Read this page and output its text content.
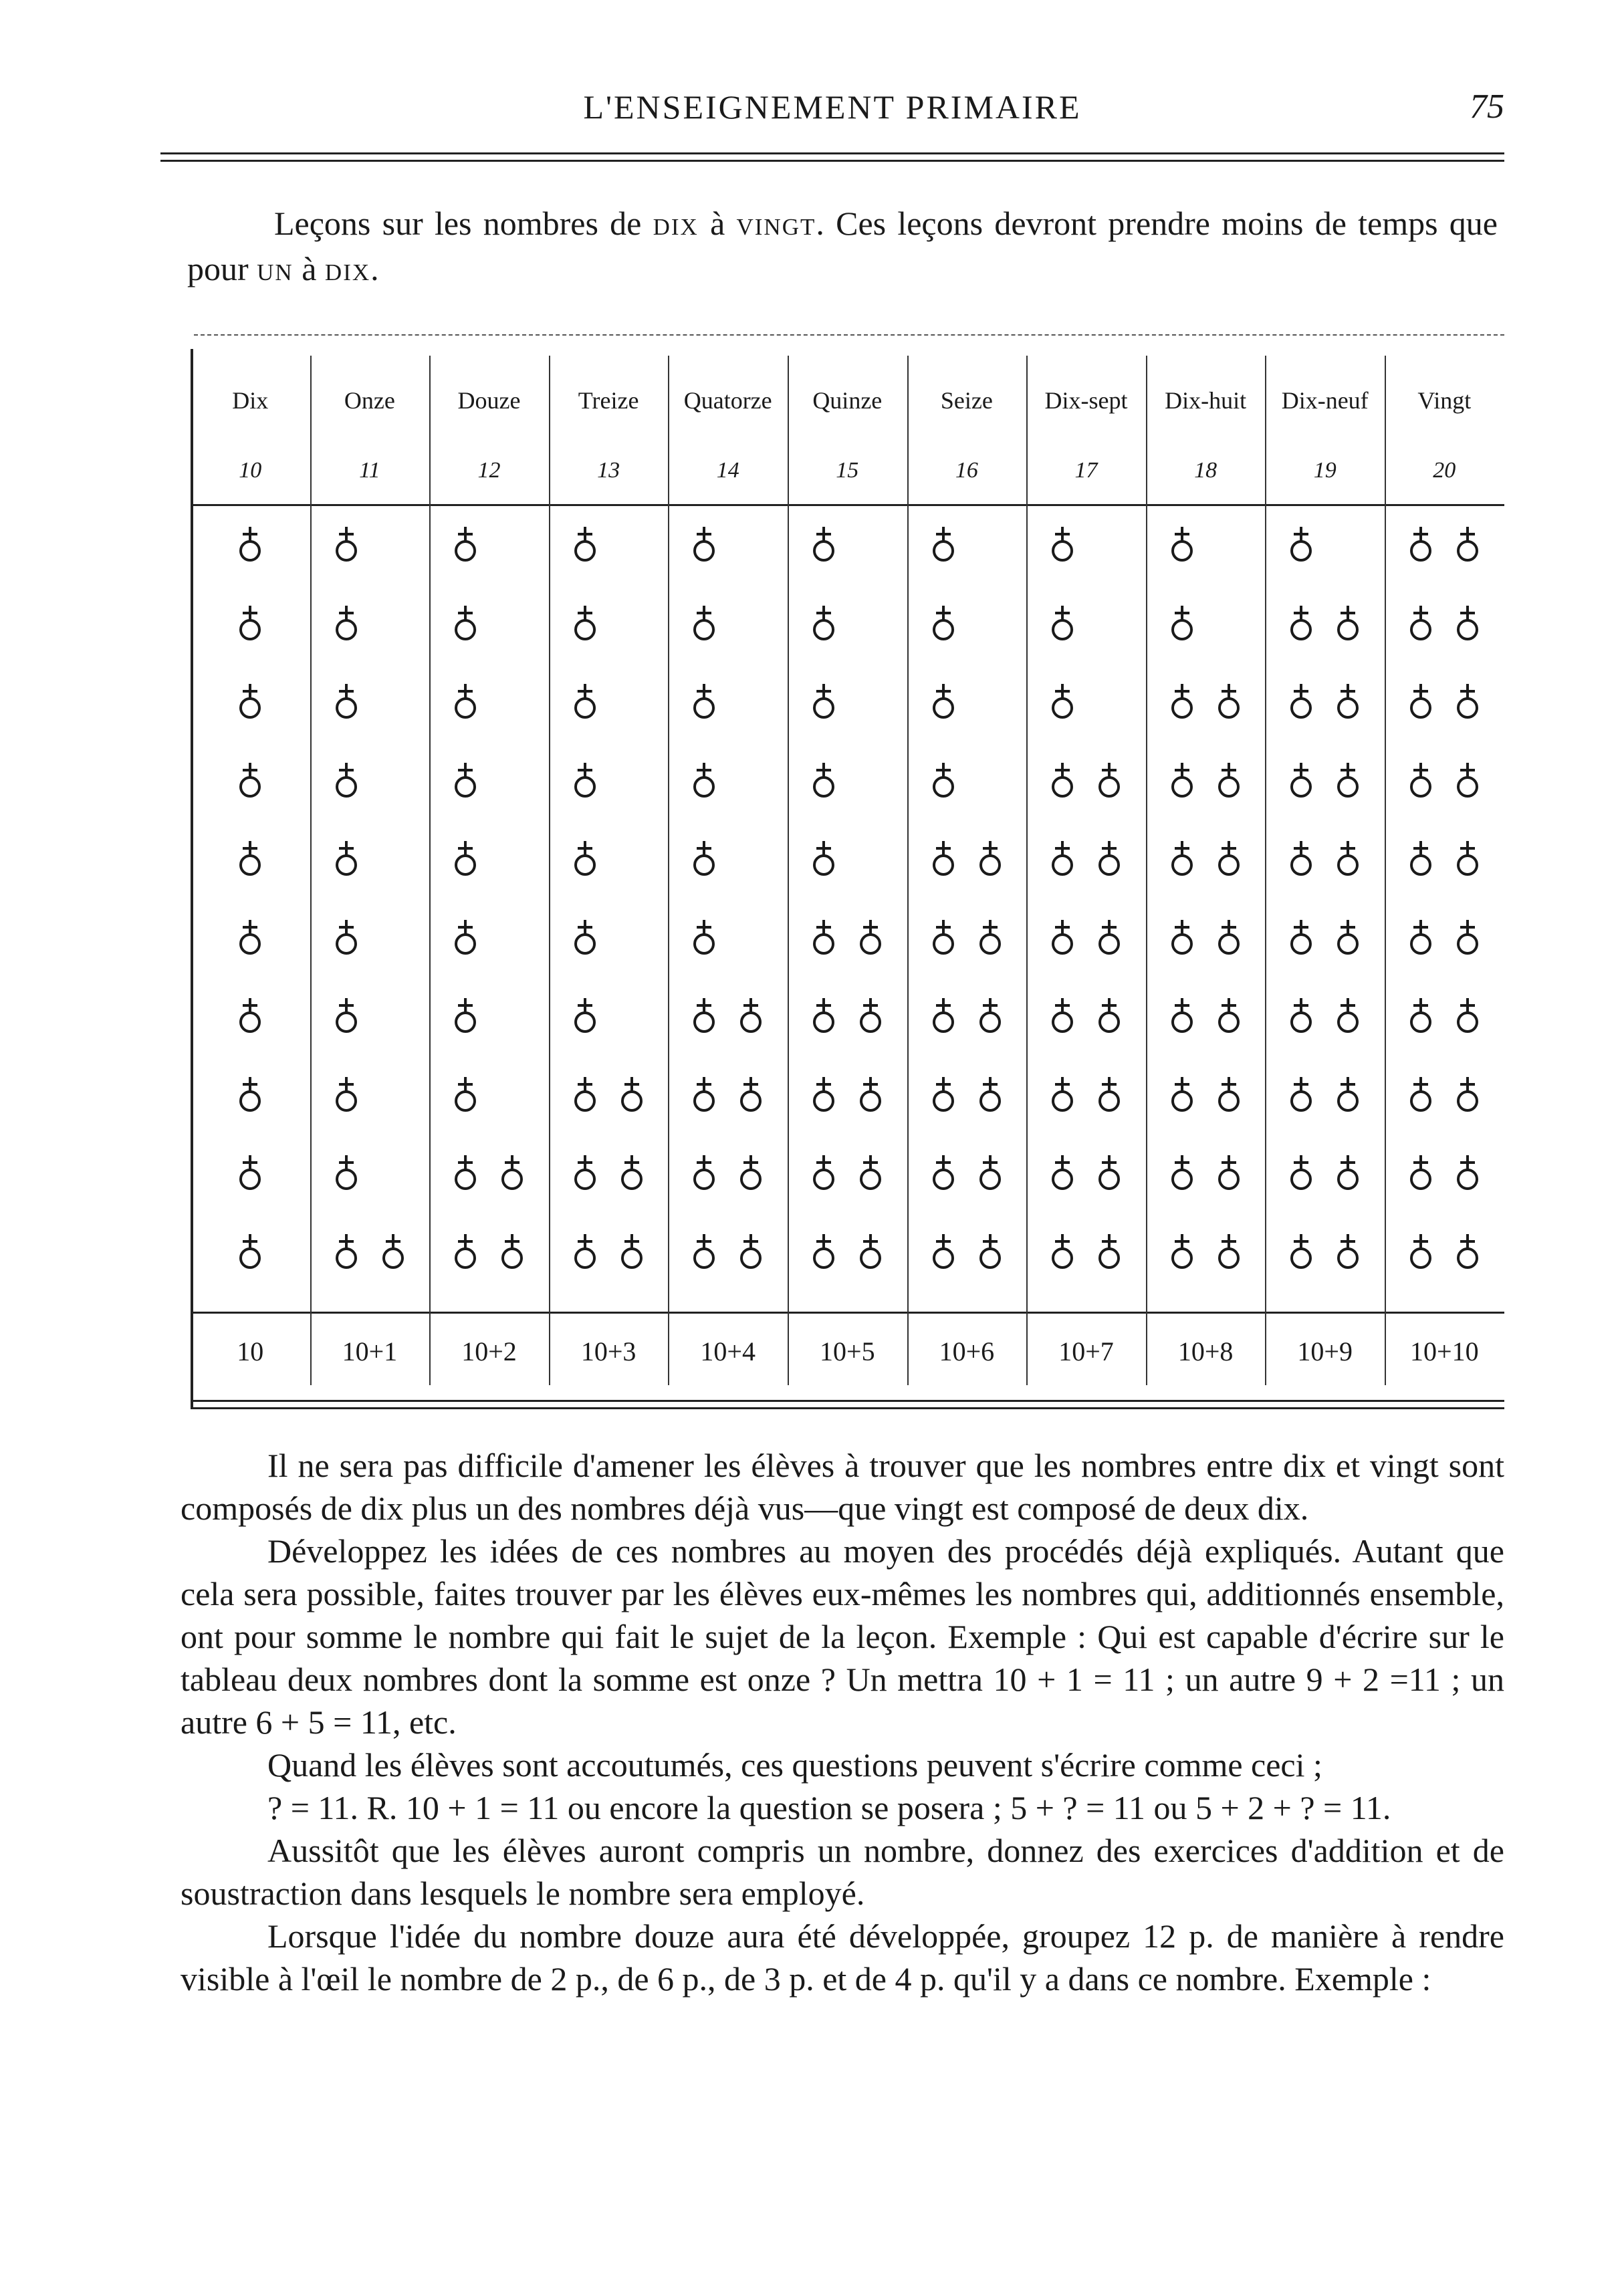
L'ENSEIGNEMENT PRIMAIRE	75
Leçons sur les nombres de dix à vingt. Ces leçons devront prendre moins de temps que pour un à dix.
Dix
10
10
Onze
11
10+1
Douze
12
10+2
Treize
13
10+3
Quatorze
14
10+4
Quinze
15
10+5
Seize
16
10+6
Dix-sept
17
10+7
Dix-huit
18
10+8
Dix-neuf
19
10+9
Vingt
20
10+10

Il ne sera pas difficile d'amener les élèves à trouver que les nombres entre dix et vingt sont composés de dix plus un des nombres déjà vus—que vingt est composé de deux dix.

Développez les idées de ces nombres au moyen des procédés déjà expliqués. Autant que cela sera possible, faites trouver par les élèves eux-mêmes les nombres qui, additionnés ensemble, ont pour somme le nombre qui fait le sujet de la leçon. Exemple : Qui est capable d'écrire sur le tableau deux nombres dont la somme est onze ? Un mettra 10 + 1 = 11 ; un autre 9 + 2 =11 ; un autre 6 + 5 = 11, etc.

Quand les élèves sont accoutumés, ces questions peuvent s'écrire comme ceci ;

? = 11. R. 10 + 1 = 11 ou encore la question se posera ; 5 + ? = 11 ou 5 + 2 + ? = 11.

Aussitôt que les élèves auront compris un nombre, donnez des exercices d'addition et de soustraction dans lesquels le nombre sera employé.

Lorsque l'idée du nombre douze aura été développée, groupez 12 p. de manière à rendre visible à l'œil le nombre de 2 p., de 6 p., de 3 p. et de 4 p. qu'il y a dans ce nombre. Exemple :
